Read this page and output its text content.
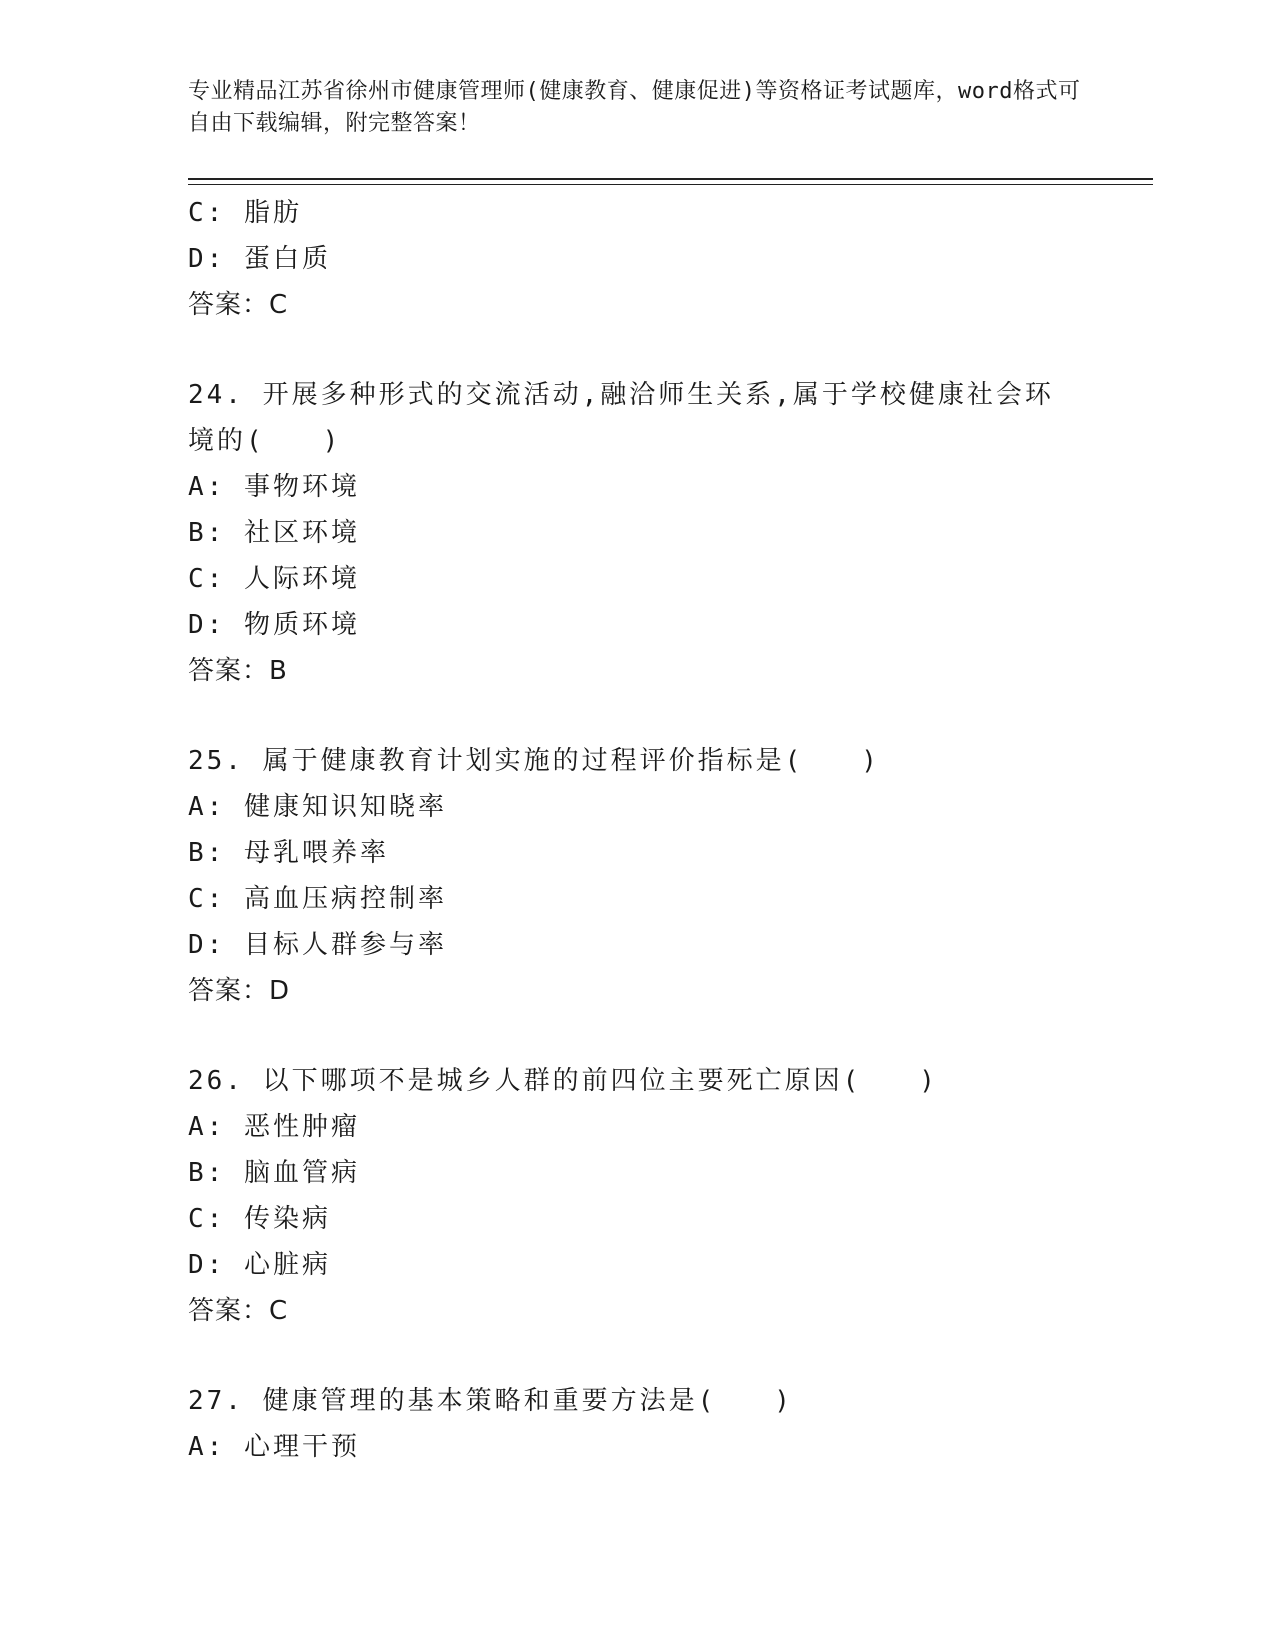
专业精品江苏省徐州市健康管理师(健康教育、健康促进)等资格证考试题库，word格式可自由下载编辑，附完整答案！
C: 脂肪
D: 蛋白质
答案：C
24. 开展多种形式的交流活动,融洽师生关系,属于学校健康社会环境的(　　)
A: 事物环境
B: 社区环境
C: 人际环境
D: 物质环境
答案：B
25. 属于健康教育计划实施的过程评价指标是(　　)
A: 健康知识知晓率
B: 母乳喂养率
C: 高血压病控制率
D: 目标人群参与率
答案：D
26. 以下哪项不是城乡人群的前四位主要死亡原因(　　)
A: 恶性肿瘤
B: 脑血管病
C: 传染病
D: 心脏病
答案：C
27. 健康管理的基本策略和重要方法是(　　)
A: 心理干预
